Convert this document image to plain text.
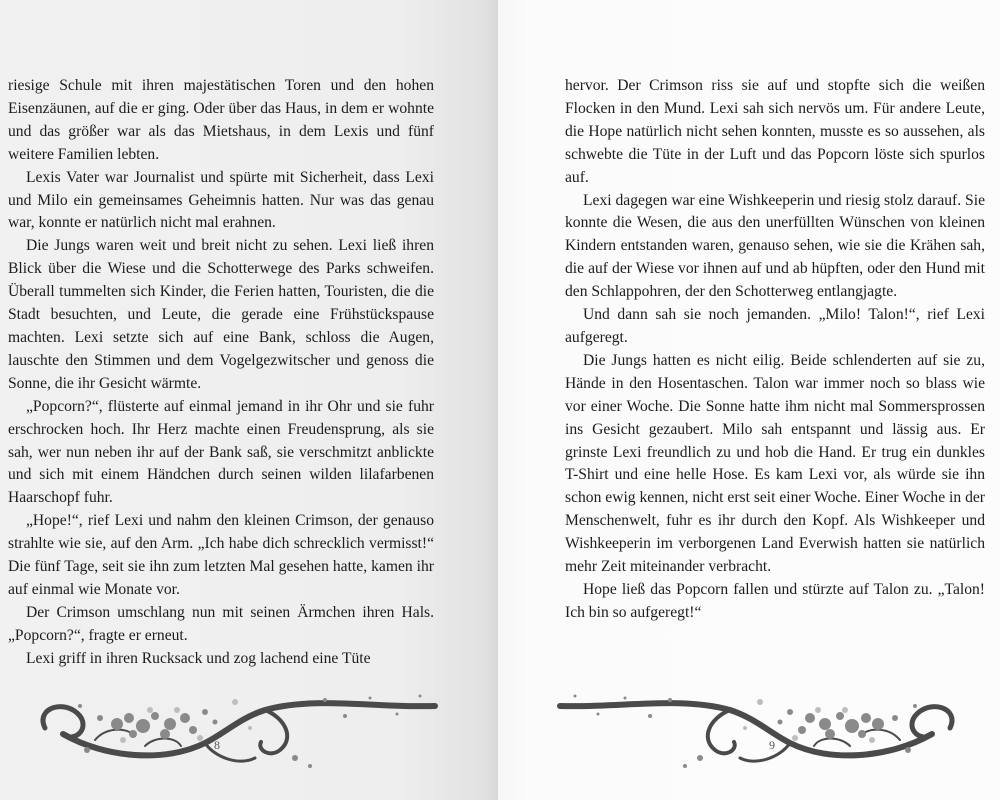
riesige Schule mit ihren majestätischen Toren und den hohen Eisenzäunen, auf die er ging. Oder über das Haus, in dem er wohnte und das größer war als das Mietshaus, in dem Lexis und fünf weitere Familien lebten.

Lexis Vater war Journalist und spürte mit Sicherheit, dass Lexi und Milo ein gemeinsames Geheimnis hatten. Nur was das genau war, konnte er natürlich nicht mal erahnen.

Die Jungs waren weit und breit nicht zu sehen. Lexi ließ ihren Blick über die Wiese und die Schotterwege des Parks schweifen. Überall tummelten sich Kinder, die Ferien hatten, Touristen, die die Stadt besuchten, und Leute, die gerade eine Frühstückspause machten. Lexi setzte sich auf eine Bank, schloss die Augen, lauschte den Stimmen und dem Vogelgezwitscher und genoss die Sonne, die ihr Gesicht wärmte.

„Popcorn?“, flüsterte auf einmal jemand in ihr Ohr und sie fuhr erschrocken hoch. Ihr Herz machte einen Freudensprung, als sie sah, wer nun neben ihr auf der Bank saß, sie verschmitzt anblickte und sich mit einem Händchen durch seinen wilden lilafarbenen Haarschopf fuhr.

„Hope!“, rief Lexi und nahm den kleinen Crimson, der genauso strahlte wie sie, auf den Arm. „Ich habe dich schrecklich vermisst!“ Die fünf Tage, seit sie ihn zum letzten Mal gesehen hatte, kamen ihr auf einmal wie Monate vor.

Der Crimson umschlang nun mit seinen Ärmchen ihren Hals. „Popcorn?“, fragte er erneut.

Lexi griff in ihren Rucksack und zog lachend eine Tüte

8

hervor. Der Crimson riss sie auf und stopfte sich die weißen Flocken in den Mund. Lexi sah sich nervös um. Für andere Leute, die Hope natürlich nicht sehen konnten, musste es so aussehen, als schwebte die Tüte in der Luft und das Popcorn löste sich spurlos auf.

Lexi dagegen war eine Wishkeeperin und riesig stolz darauf. Sie konnte die Wesen, die aus den unerfüllten Wünschen von kleinen Kindern entstanden waren, genauso sehen, wie sie die Krähen sah, die auf der Wiese vor ihnen auf und ab hüpften, oder den Hund mit den Schlappohren, der den Schotterweg entlangjagte.

Und dann sah sie noch jemanden. „Milo! Talon!“, rief Lexi aufgeregt.

Die Jungs hatten es nicht eilig. Beide schlenderten auf sie zu, Hände in den Hosentaschen. Talon war immer noch so blass wie vor einer Woche. Die Sonne hatte ihm nicht mal Sommersprossen ins Gesicht gezaubert. Milo sah entspannt und lässig aus. Er grinste Lexi freundlich zu und hob die Hand. Er trug ein dunkles T-Shirt und eine helle Hose. Es kam Lexi vor, als würde sie ihn schon ewig kennen, nicht erst seit einer Woche. Einer Woche in der Menschenwelt, fuhr es ihr durch den Kopf. Als Wishkeeper und Wishkeeperin im verborgenen Land Everwish hatten sie natürlich mehr Zeit miteinander verbracht.

Hope ließ das Popcorn fallen und stürzte auf Talon zu. „Talon! Ich bin so aufgeregt!“

9
